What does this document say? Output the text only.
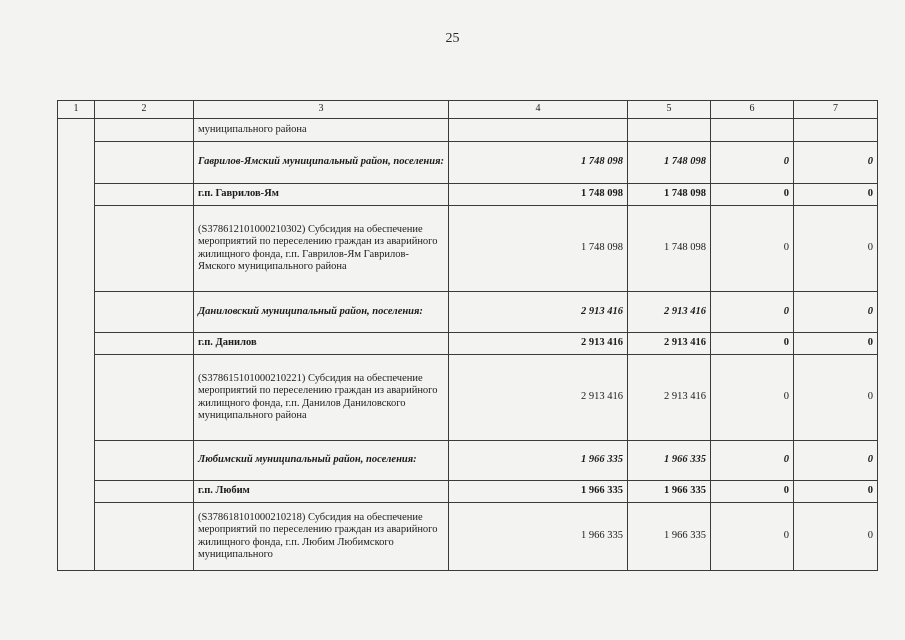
25
1	2	3	4	5	6	7
		муниципального района				
		Гаврилов-Ямский муниципальный район, поселения:	1 748 098	1 748 098	0	0
		г.п. Гаврилов-Ям	1 748 098	1 748 098	0	0
		(S378612101000210302) Субсидия на обеспечение мероприятий по переселению граждан из аварийного жилищного фонда, г.п. Гаврилов-Ям Гаврилов-Ямского муниципального района	1 748 098	1 748 098	0	0
		Даниловский муниципальный район, поселения:	2 913 416	2 913 416	0	0
		г.п. Данилов	2 913 416	2 913 416	0	0
		(S378615101000210221) Субсидия на обеспечение мероприятий по переселению граждан из аварийного жилищного фонда, г.п. Данилов Даниловского муниципального района	2 913 416	2 913 416	0	0
		Любимский муниципальный район, поселения:	1 966 335	1 966 335	0	0
		г.п. Любим	1 966 335	1 966 335	0	0
		(S378618101000210218) Субсидия на обеспечение мероприятий по переселению граждан из аварийного жилищного фонда, г.п. Любим Любимского муниципального	1 966 335	1 966 335	0	0
